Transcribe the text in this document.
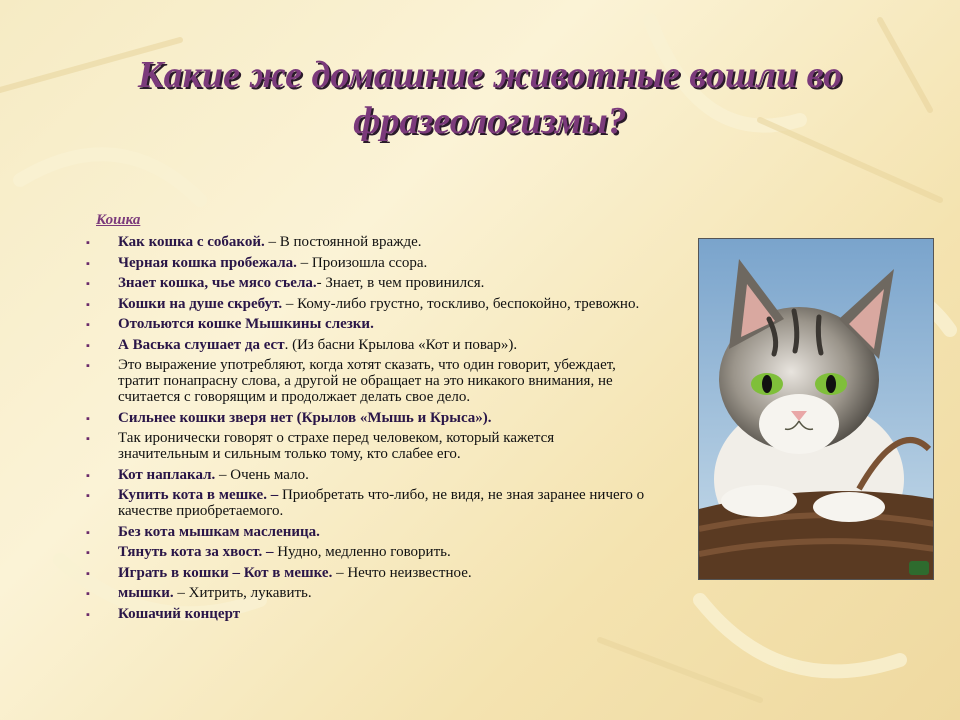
Какие же домашние животные вошли во фразеологизмы?
Кошка
▪ Как кошка с собакой. – В постоянной вражде.
▪ Черная кошка пробежала. – Произошла ссора.
▪ Знает кошка, чье мясо съела.- Знает, в чем провинился.
▪ Кошки на душе скребут. – Кому-либо грустно, тоскливо, беспокойно, тревожно.
▪ Отольются кошке Мышкины слезки.
▪ А Васька слушает да ест. (Из басни Крылова «Кот и повар»).
▪ Это выражение употребляют, когда хотят сказать, что один говорит, убеждает, тратит понапрасну слова, а другой не обращает на это никакого внимания, не считается с говорящим и продолжает делать свое дело.
▪ Сильнее кошки зверя нет (Крылов «Мышь и Крыса»).
▪ Так иронически говорят о страхе перед человеком, который кажется значительным и сильным только тому, кто слабее его.
▪ Кот наплакал. – Очень мало.
▪ Купить кота в мешке. – Приобретать что-либо, не видя, не зная заранее ничего о качестве приобретаемого.
▪ Без кота мышкам масленица.
▪ Тянуть кота за хвост. – Нудно, медленно говорить.
▪ Играть в кошки – Кот в мешке. – Нечто неизвестное.
▪ мышки. – Хитрить, лукавить.
▪ Кошачий концерт
